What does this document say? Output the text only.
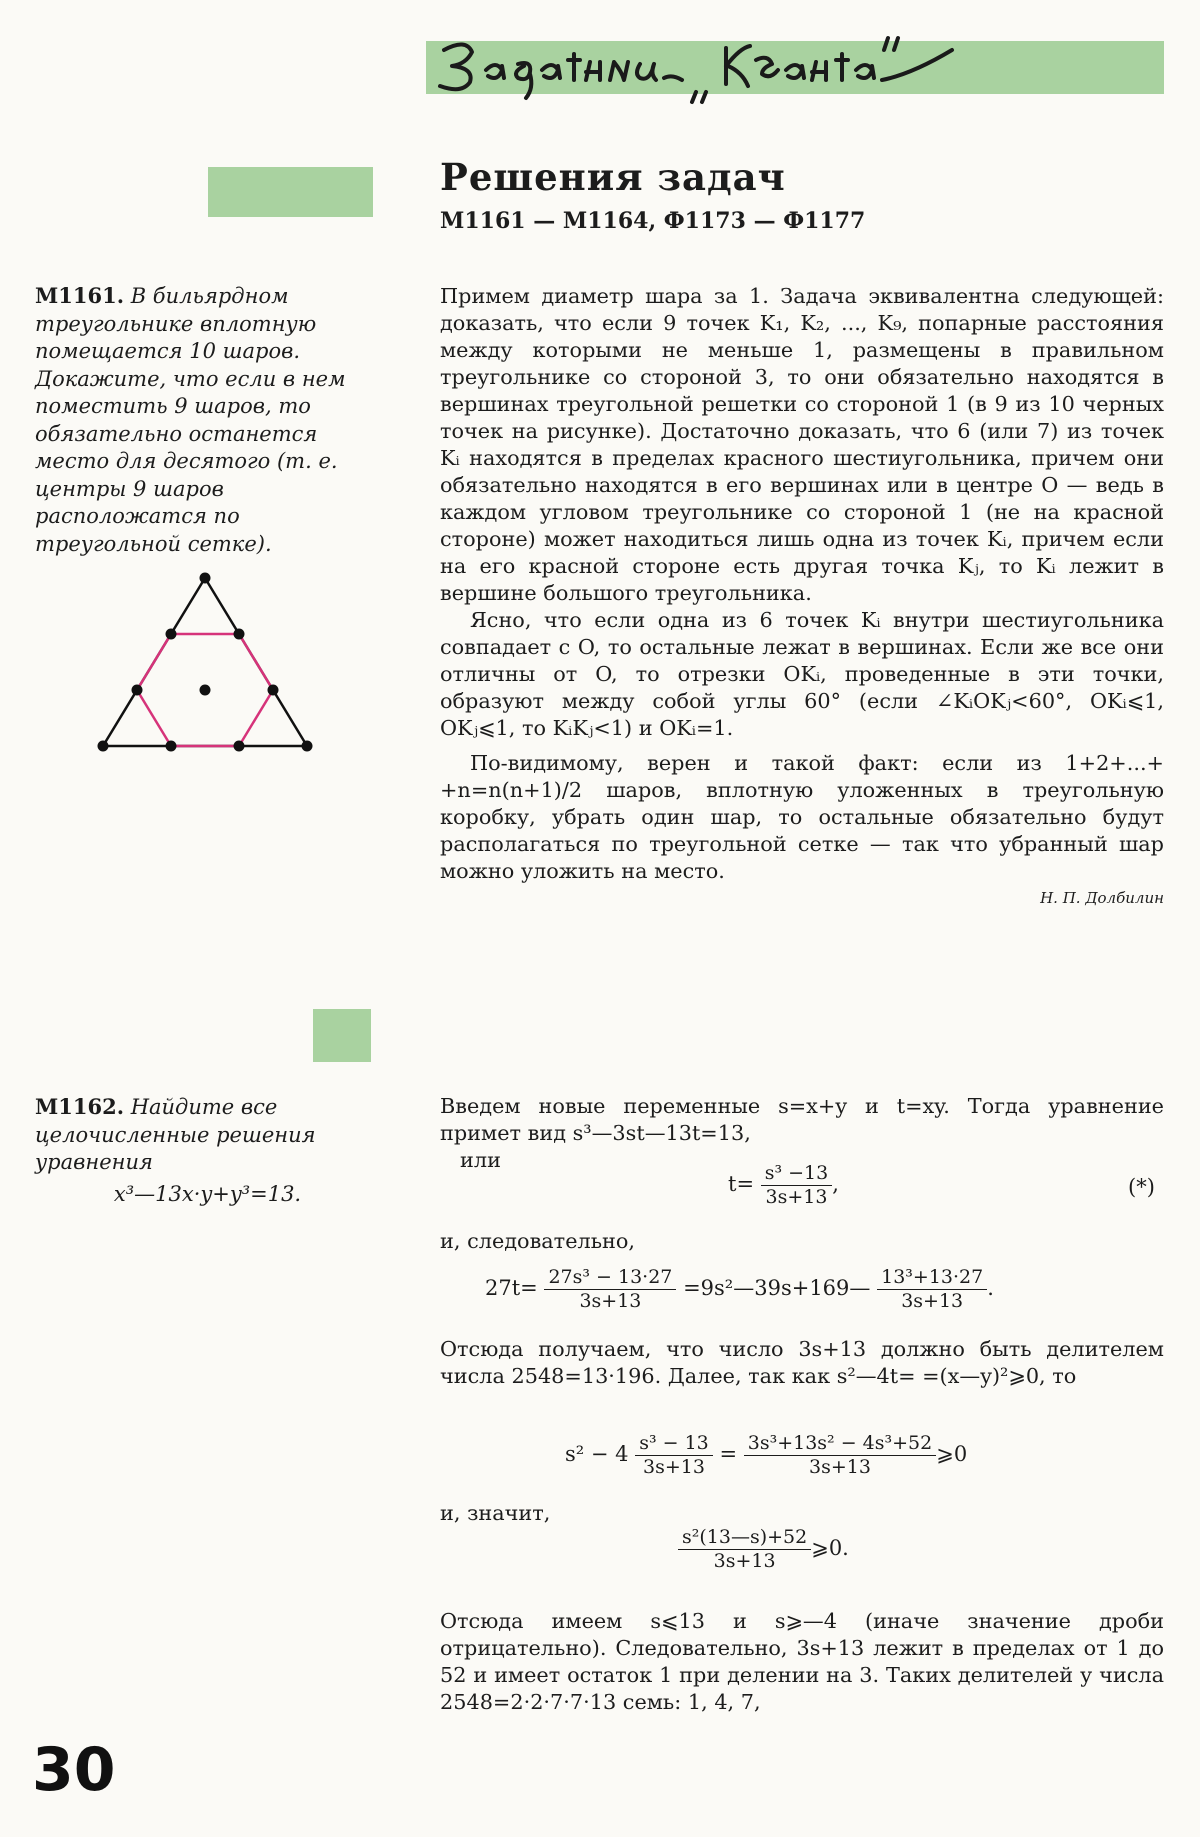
Решения задач
М1161 — М1164, Ф1173 — Ф1177
М1161. В бильярдном треугольнике вплотную помещается 10 шаров. Докажите, что если в нем поместить 9 шаров, то обязательно останется место для десятого (т. е. центры 9 шаров расположатся по треугольной сетке).

Примем диаметр шара за 1. Задача эквивалентна следующей: доказать, что если 9 точек K₁, K₂, ..., K₉, попарные расстояния между которыми не меньше 1, размещены в правильном треугольнике со стороной 3, то они обязательно находятся в вершинах треугольной решетки со стороной 1 (в 9 из 10 черных точек на рисунке). Достаточно доказать, что 6 (или 7) из точек Kᵢ находятся в пределах красного шестиугольника, причем они обязательно находятся в его вершинах или в центре O — ведь в каждом угловом треугольнике со стороной 1 (не на красной стороне) может находиться лишь одна из точек Kᵢ, причем если на его красной стороне есть другая точка Kⱼ, то Kᵢ лежит в вершине большого треугольника.

Ясно, что если одна из 6 точек Kᵢ внутри шестиугольника совпадает с O, то остальные лежат в вершинах. Если же все они отличны от O, то отрезки OKᵢ, проведенные в эти точки, образуют между собой углы 60° (если ∠KᵢOKⱼ<60°, OKᵢ⩽1, OKⱼ⩽1, то KᵢKⱼ<1) и OKᵢ=1.

По-видимому, верен и такой факт: если из 1+2+...+ +n=n(n+1)/2 шаров, вплотную уложенных в треугольную коробку, убрать один шар, то остальные обязательно будут располагаться по треугольной сетке — так что убранный шар можно уложить на место.

Н. П. Долбилин
М1162. Найдите все целочисленные решения уравнения
x³—13x·y+y³=13.

Введем новые переменные s=x+y и t=xy. Тогда уравнение примет вид s³—3st—13t=13,

или

$t= \frac{\text{s³ −13}}{3s+13}$ ,	(*)
и, следовательно,
$27t= \frac{\text{27s³ − 13·27}}{3s+13}$ =9s²—39s+169— $\frac{\text{13³+13·27}}{3s+13}$ .

Отсюда получаем, что число 3s+13 должно быть делителем числа 2548=13·196. Далее, так как s²—4t= =(x—y)²⩾0, то

$s^2 - 4 \frac{\text{s³ − 13}}{3s+13} = \frac{\text{3s³+13s² − 4s³+52}}{3s+13}$ ⩾0
и, значит,
$\frac{\text{s²(13—s)+52}}{3s+13}$ ⩾0.

Отсюда имеем s⩽13 и s⩾—4 (иначе значение дроби отрицательно). Следовательно, 3s+13 лежит в пределах от 1 до 52 и имеет остаток 1 при делении на 3. Таких делителей у числа 2548=2·2·7·7·13 семь: 1, 4, 7,

30
